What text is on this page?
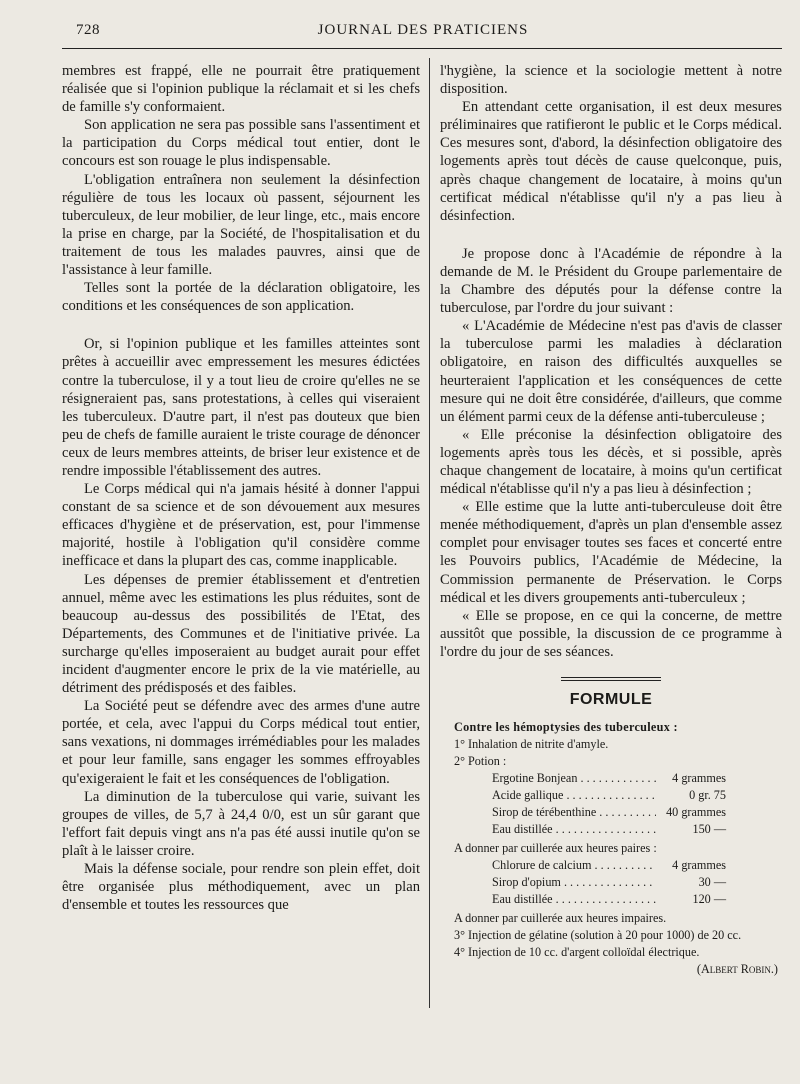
728	JOURNAL DES PRATICIENS

membres est frappé, elle ne pourrait être pratiquement réalisée que si l'opinion publique la réclamait et si les chefs de famille s'y conformaient.

Son application ne sera pas possible sans l'assentiment et la participation du Corps médical tout entier, dont le concours est son rouage le plus indispensable.

L'obligation entraînera non seulement la désinfection régulière de tous les locaux où passent, séjournent les tuberculeux, de leur mobilier, de leur linge, etc., mais encore la prise en charge, par la Société, de l'hospitalisation et du traitement de tous les malades pauvres, ainsi que de l'assistance à leur famille.

Telles sont la portée de la déclaration obligatoire, les conditions et les conséquences de son application.

Or, si l'opinion publique et les familles atteintes sont prêtes à accueillir avec empressement les mesures édictées contre la tuberculose, il y a tout lieu de croire qu'elles ne se résigneraient pas, sans protestations, à celles qui viseraient les tuberculeux. D'autre part, il n'est pas douteux que bien peu de chefs de famille auraient le triste courage de dénoncer ceux de leurs membres atteints, de briser leur existence et de rendre impossible l'établissement des autres.

Le Corps médical qui n'a jamais hésité à donner l'appui constant de sa science et de son dévouement aux mesures efficaces d'hygiène et de préservation, est, pour l'immense majorité, hostile à l'obligation qu'il considère comme inefficace et dans la plupart des cas, comme inapplicable.

Les dépenses de premier établissement et d'entretien annuel, même avec les estimations les plus réduites, sont de beaucoup au-dessus des possibilités de l'Etat, des Départements, des Communes et de l'initiative privée. La surcharge qu'elles imposeraient au budget aurait pour effet incident d'augmenter encore le prix de la vie matérielle, au détriment des prédisposés et des faibles.

La Société peut se défendre avec des armes d'une autre portée, et cela, avec l'appui du Corps médical tout entier, sans vexations, ni dommages irrémédiables pour les malades et pour leur famille, sans engager les sommes effroyables qu'exigeraient le fait et les conséquences de l'obligation.

La diminution de la tuberculose qui varie, suivant les groupes de villes, de 5,7 à 24,4 0/0, est un sûr garant que l'effort fait depuis vingt ans n'a pas été aussi inutile qu'on se plaît à le laisser croire.

Mais la défense sociale, pour rendre son plein effet, doit être organisée plus méthodiquement, avec un plan d'ensemble et toutes les ressources que

l'hygiène, la science et la sociologie mettent à notre disposition.

En attendant cette organisation, il est deux mesures préliminaires que ratifieront le public et le Corps médical. Ces mesures sont, d'abord, la désinfection obligatoire des logements après tout décès de cause quelconque, puis, après chaque changement de locataire, à moins qu'un certificat médical n'établisse qu'il n'y a pas lieu à désinfection.

Je propose donc à l'Académie de répondre à la demande de M. le Président du Groupe parlementaire de la Chambre des députés pour la défense contre la tuberculose, par l'ordre du jour suivant :

« L'Académie de Médecine n'est pas d'avis de classer la tuberculose parmi les maladies à déclaration obligatoire, en raison des difficultés auxquelles se heurteraient l'application et les conséquences de cette mesure qui ne doit être considérée, d'ailleurs, que comme un élément parmi ceux de la défense anti-tuberculeuse ;

« Elle préconise la désinfection obligatoire des logements après tous les décès, et si possible, après chaque changement de locataire, à moins qu'un certificat médical n'établisse qu'il n'y a pas lieu à désinfection ;

« Elle estime que la lutte anti-tuberculeuse doit être menée méthodiquement, d'après un plan d'ensemble assez complet pour envisager toutes ses faces et concerté entre les Pouvoirs publics, l'Académie de Médecine, la Commission permanente de Préservation. le Corps médical et les divers groupements anti-tuberculeux ;

« Elle se propose, en ce qui la concerne, de mettre aussitôt que possible, la discussion de ce programme à l'ordre du jour de ses séances.

FORMULE
Contre les hémoptysies des tuberculeux :
1° Inhalation de nitrite d'amyle.
2° Potion :
Ergotine Bonjean . . .	4 grammes
Acide gallique . . .	0 gr. 75
Sirop de térébenthine . . .	40 grammes
Eau distillée . . .	150 —
A donner par cuillerée aux heures paires :
Chlorure de calcium . . .	4 grammes
Sirop d'opium . . .	30 —
Eau distillée . . .	120 —
A donner par cuillerée aux heures impaires.
3° Injection de gélatine (solution à 20 pour 1000) de 20 cc.
4° Injection de 10 cc. d'argent colloïdal électrique.
(Albert Robin.)
